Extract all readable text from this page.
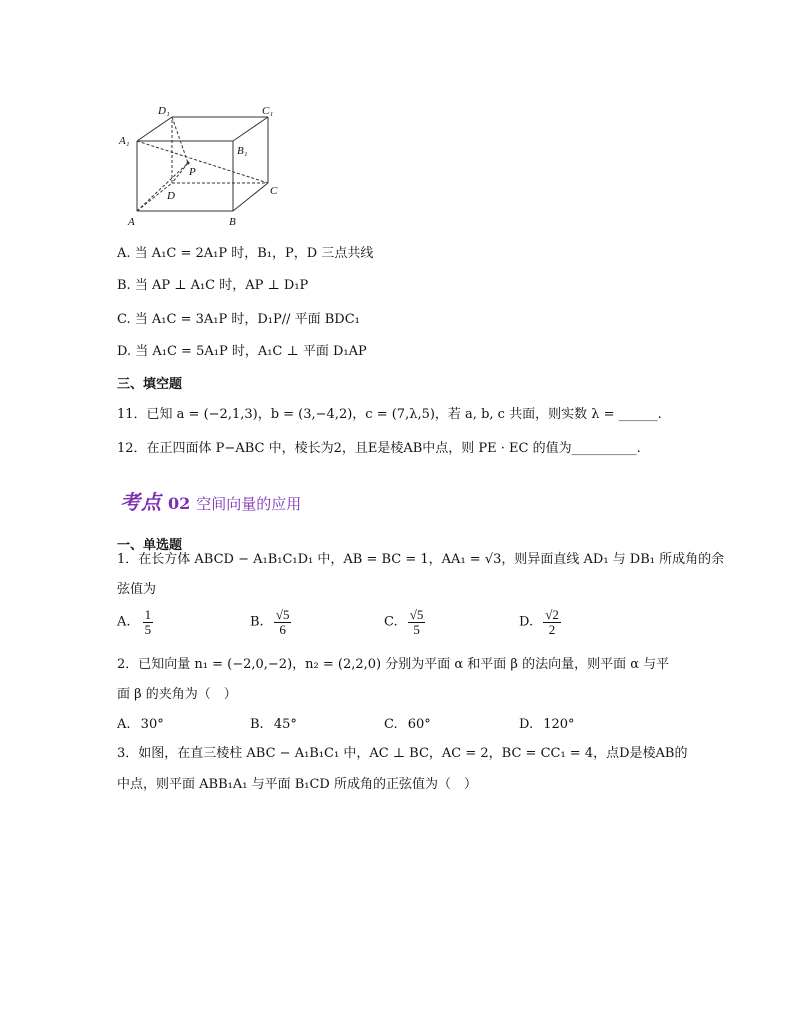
D₁	C₁
A₁
B₁
P
D	C
A	B
A. 当 A₁C = 2A₁P 时，B₁，P，D 三点共线
B. 当 AP ⊥ A₁C 时，AP ⊥ D₁P
C. 当 A₁C = 3A₁P 时，D₁P// 平面 BDC₁
D. 当 A₁C = 5A₁P 时，A₁C ⊥ 平面 D₁AP
三、填空题
11．已知 a = (−2,1,3)，b = (3,−4,2)，c = (7,λ,5)，若 a, b, c 共面，则实数 λ = ______.
12．在正四面体 P−ABC 中，棱长为2，且E是棱AB中点，则 PE · EC 的值为__________.
考点 02 空间向量的应用
一、单选题
1．在长方体 ABCD − A₁B₁C₁D₁ 中，AB = BC = 1，AA₁ = √3，则异面直线 AD₁ 与 DB₁ 所成角的余
弦值为
A. $\frac{1}{5}$	B. $\frac{√5}{6}$	C. $\frac{√5}{5}$	D. $\frac{√2}{2}$
2．已知向量 n₁ = (−2,0,−2)，n₂ = (2,2,0) 分别为平面 α 和平面 β 的法向量，则平面 α 与平
面 β 的夹角为（　）
A. 30°	B. 45°	C. 60°	D. 120°
3．如图，在直三棱柱 ABC − A₁B₁C₁ 中，AC ⊥ BC，AC = 2，BC = CC₁ = 4，点D是棱AB的
中点，则平面 ABB₁A₁ 与平面 B₁CD 所成角的正弦值为（　）
